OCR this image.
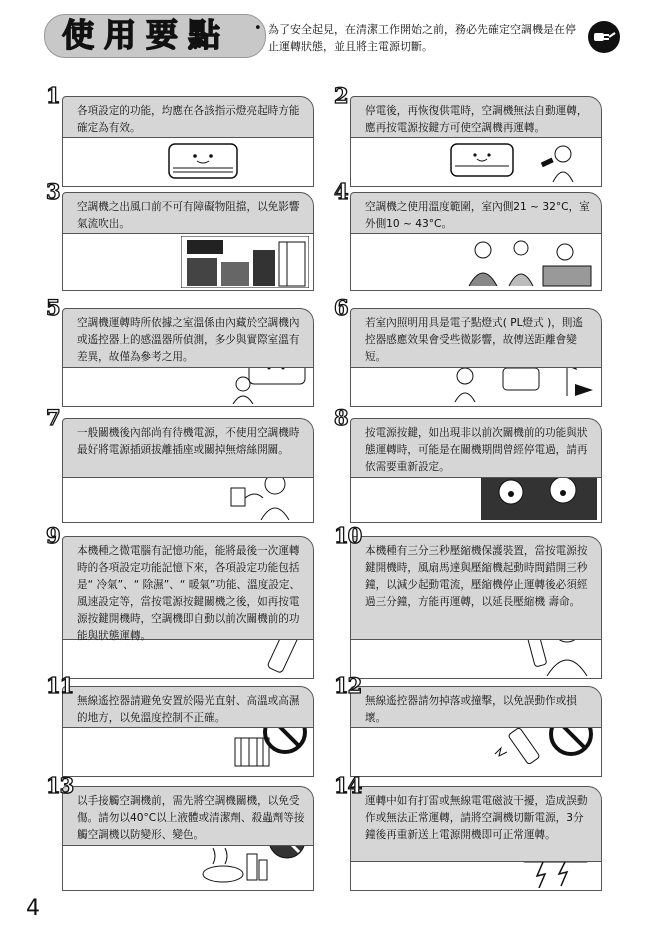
使用要點 • 為了安全起見，在清潔工作開始之前，務必先確定空調機是在停止運轉狀態，並且將主電源切斷。
1
各項設定的功能，均應在各該指示燈亮起時方能確定為有效。
2
停電後，再恢復供電時，空調機無法自動運轉，應再按電源按鍵方可使空調機再運轉。
3
空調機之出風口前不可有障礙物阻擋，以免影響氣流吹出。
4
空調機之使用溫度範圍，室內側21 ~ 32°C，室外側10 ~ 43°C。
5
空調機運轉時所依據之室溫係由內藏於空調機內或遙控器上的感溫器所偵測，多少與實際室溫有差異，故僅為參考之用。
6
若室內照明用具是電子點燈式( PL燈式 )，則遙控器感應效果會受些微影響，故傳送距離會變短。
7
一般關機後內部尚有待機電源，不使用空調機時最好將電源插頭拔離插座或關掉無熔絲開關。
8
按電源按鍵，如出現非以前次關機前的功能與狀態運轉時，可能是在關機期間曾經停電過，請再依需要重新設定。
9
本機種之微電腦有記憶功能，能將最後一次運轉時的各項設定功能記憶下來，各項設定功能包括是“ 冷氣”、“ 除濕”、“ 暖氣”功能、溫度設定、風速設定等，當按電源按鍵關機之後，如再按電源按鍵開機時，空調機即自動以前次關機前的功能與狀態運轉。
10
本機種有三分三秒壓縮機保護裝置，當按電源按鍵開機時，風扇馬達與壓縮機起動時間錯開三秒鐘，以減少起動電流，壓縮機停止運轉後必須經過三分鐘，方能再運轉，以延長壓縮機 壽命。
11
無線遙控器請避免安置於陽光直射、高溫或高濕的地方，以免溫度控制不正確。
12
無線遙控器請勿掉落或撞擊，以免誤動作或損壞。
13
以手接觸空調機前，需先將空調機關機，以免受傷。請勿以40°C以上液體或清潔劑、殺蟲劑等接觸空調機以防變形、變色。
14
運轉中如有打雷或無線電電磁波干擾，造成誤動作或無法正常運轉，請將空調機切斷電源，3分鐘後再重新送上電源開機即可正常運轉。
4
